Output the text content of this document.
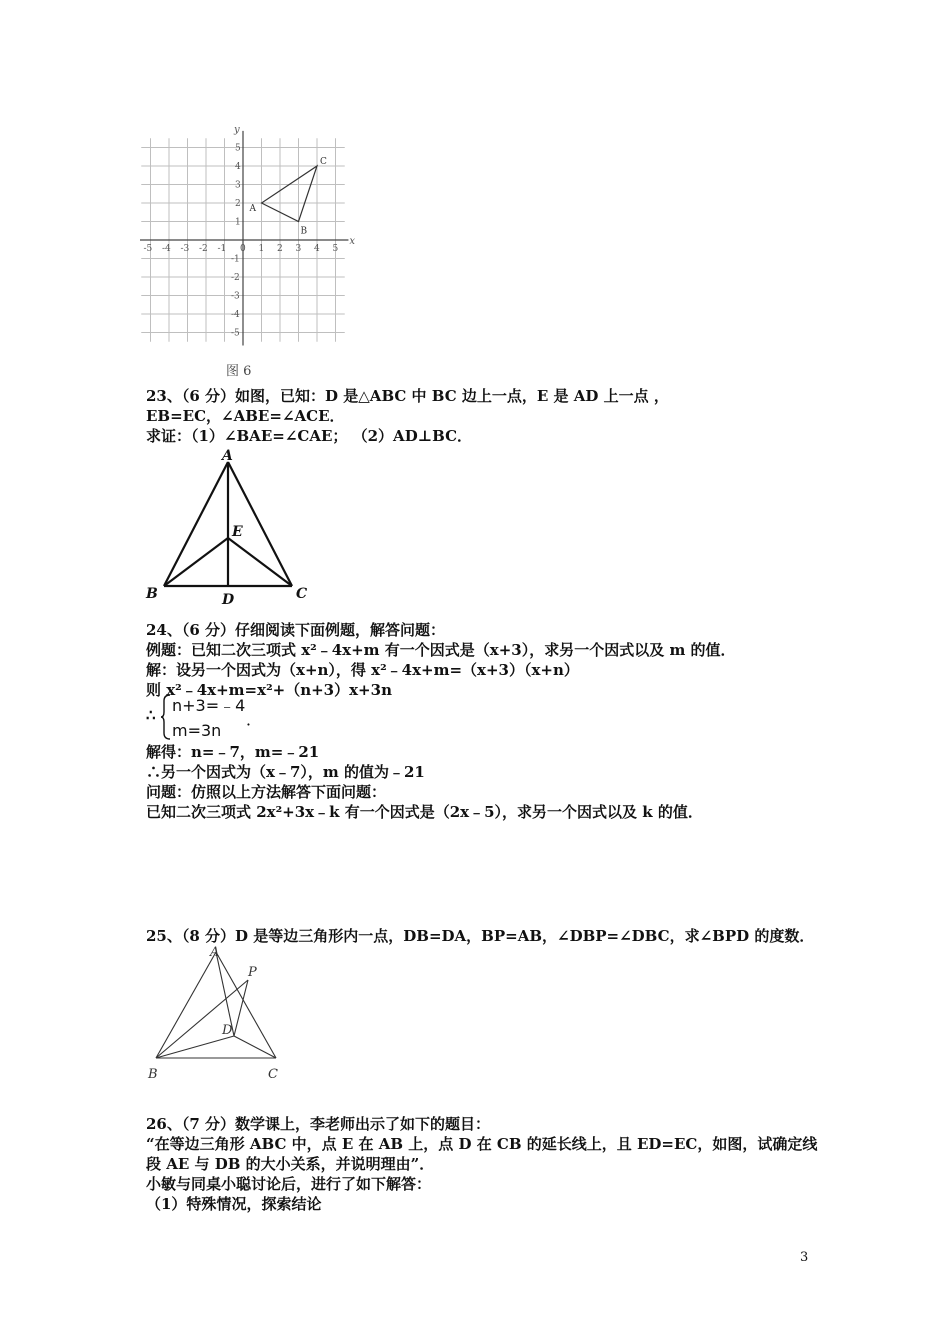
-5 -4 -3 -2 -1 0 1 2 3 4 5
5
4
3
2
1
-1
-2
-3
-4
-5
A
B
C
x
y
图 6
23、（6 分）如图，已知：D 是△ABC 中 BC 边上一点，E 是 AD 上一点 ，
EB=EC，∠ABE=∠ACE．
求证：（1）∠BAE=∠CAE； （2）AD⊥BC．
A
B	C
D
E
24、（6 分）仔细阅读下面例题，解答问题：
例题：已知二次三项式 x²﹣4x+m 有一个因式是（x+3），求另一个因式以及 m 的值．
解：设另一个因式为（x+n），得 x²﹣4x+m=（x+3）（x+n）
则 x²﹣4x+m=x²+（n+3）x+3n
∴ n+3=﹣4
m=3n
．
解得：n=﹣7，m=﹣21
∴另一个因式为（x﹣7），m 的值为﹣21
问题：仿照以上方法解答下面问题：
已知二次三项式 2x²+3x﹣k 有一个因式是（2x﹣5），求另一个因式以及 k 的值．
25、（8 分）D 是等边三角形内一点，DB=DA，BP=AB，∠DBP=∠DBC，求∠BPD 的度数．
A
B	C
D
P
26、（7 分）数学课上，李老师出示了如下的题目：
“在等边三角形 ABC 中，点 E 在 AB 上，点 D 在 CB 的延长线上，且 ED=EC，如图，试确定线
段 AE 与 DB 的大小关系，并说明理由”．
小敏与同桌小聪讨论后，进行了如下解答：
（1）特殊情况，探索结论
3
